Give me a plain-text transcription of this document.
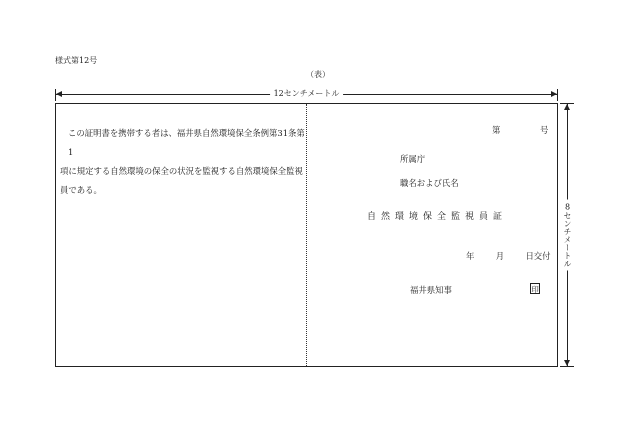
様式第12号
（表）
12センチメートル
この証明書を携帯する者は、福井県自然環境保全条例第31条第1
項に規定する自然環境の保全の状況を監視する自然環境保全監視
員である。
第	号
所属庁
職名および氏名
自然環境保全監視員証
年	月	日交付
福井県知事	印
8センチメートル
